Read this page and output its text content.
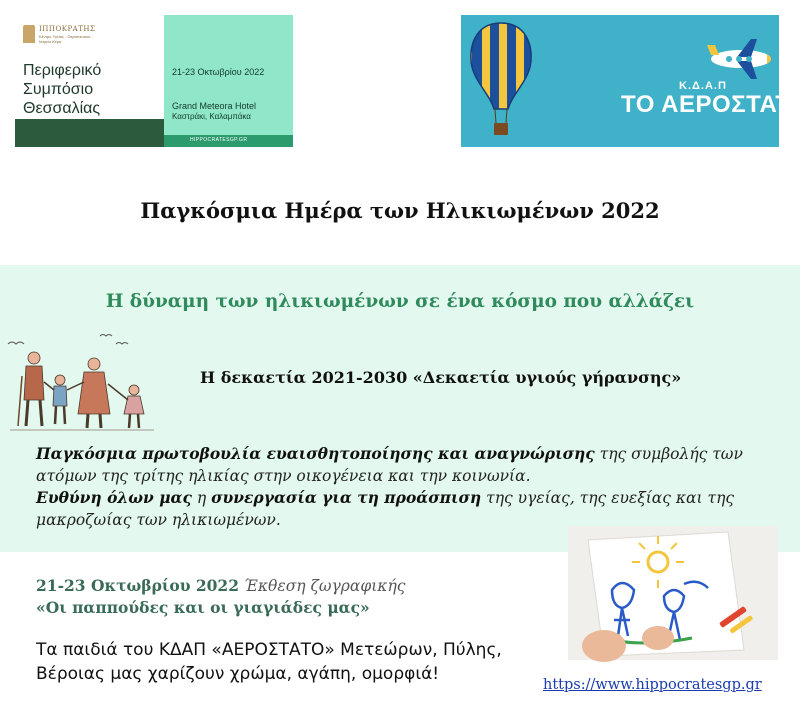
ΙΠΠΟΚΡΑΤΗΣ
Κέντρο Υγείας - Θεραπευτικό - Ιατρείο Κέρα
Περιφερικό
Συμπόσιο
Θεσσαλίας
21-23 Οκτωβρίου 2022
Grand Meteora Hotel
Καστράκι, Καλαμπάκα
HIPPOCRATESGP.GR
Κ.Δ.Α.Π
ΤΟ ΑΕΡΟΣΤΑΤΟ
Παγκόσμια Ημέρα των Ηλικιωμένων 2022
Η δύναμη των ηλικιωμένων σε ένα κόσμο που αλλάζει
Η δεκαετία 2021-2030 «Δεκαετία υγιούς γήρανσης»
Παγκόσμια πρωτοβουλία ευαισθητοποίησης και αναγνώρισης της συμβολής των
ατόμων της τρίτης ηλικίας στην οικογένεια και την κοινωνία.
Ευθύνη όλων μας η συνεργασία για τη προάσπιση της υγείας, της ευεξίας και της
μακροζωίας των ηλικιωμένων.
21-23 Οκτωβρίου 2022 Έκθεση ζωγραφικής
«Οι παππούδες και οι γιαγιάδες μας»
Τα παιδιά του ΚΔΑΠ «ΑΕΡΟΣΤΑΤΟ» Μετεώρων, Πύλης,
Βέροιας μας χαρίζουν χρώμα, αγάπη, ομορφιά!
https://www.hippocratesgp.gr
